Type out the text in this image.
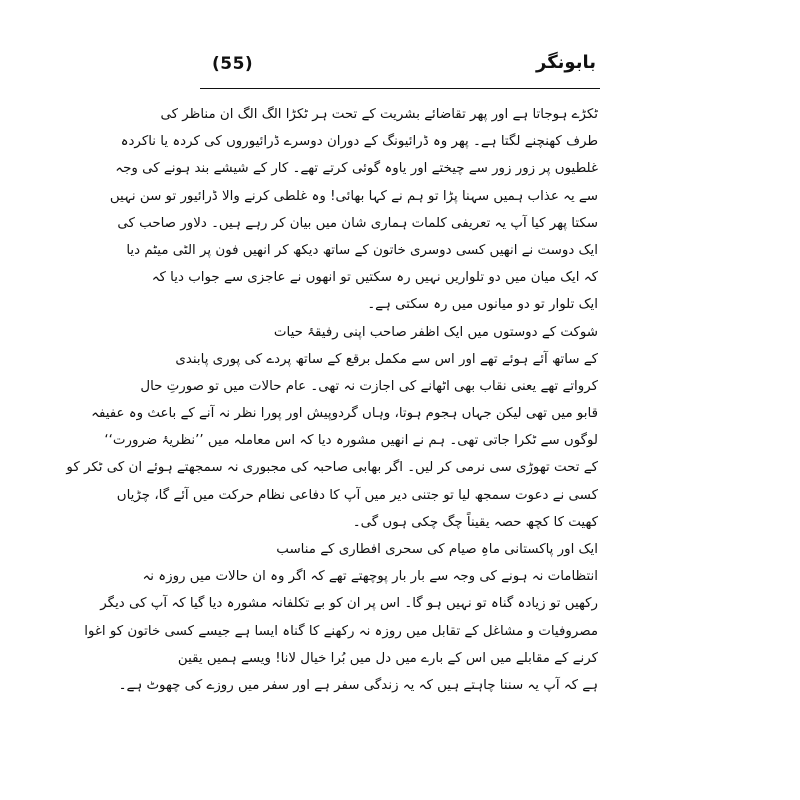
(55)	بابونگر
ٹکڑے ہوجاتا ہے اور پھر تقاضائے بشریت کے تحت ہر ٹکڑا الگ الگ ان مناظر کی
طرف کھنچنے لگتا ہے۔ پھر وہ ڈرائیونگ کے دوران دوسرے ڈرائیوروں کی کردہ یا ناکردہ
غلطیوں پر زور زور سے چیختے اور یاوہ گوئی کرتے تھے۔ کار کے شیشے بند ہونے کی وجہ
سے یہ عذاب ہمیں سہنا پڑا تو ہم نے کہا بھائی! وہ غلطی کرنے والا ڈرائیور تو سن نہیں
سکتا پھر کیا آپ یہ تعریفی کلمات ہماری شان میں بیان کر رہے ہیں۔ دلاور صاحب کی
ایک دوست نے انھیں کسی دوسری خاتون کے ساتھ دیکھ کر انھیں فون پر الٹی میٹم دیا
کہ ایک میان میں دو تلواریں نہیں رہ سکتیں تو انھوں نے عاجزی سے جواب دیا کہ
ایک تلوار تو دو میانوں میں رہ سکتی ہے۔
شوکت کے دوستوں میں ایک اظفر صاحب اپنی رفیقۂ حیات
کے ساتھ آئے ہوئے تھے اور اس سے مکمل برقع کے ساتھ پردے کی پوری پابندی
کرواتے تھے یعنی نقاب بھی اٹھانے کی اجازت نہ تھی۔ عام حالات میں تو صورتِ حال
قابو میں تھی لیکن جہاں ہجوم ہوتا، وہاں گردوپیش اور پورا نظر نہ آنے کے باعث وہ عفیفہ
لوگوں سے ٹکرا جاتی تھی۔ ہم نے انھیں مشورہ دیا کہ اس معاملہ میں ’’نظریۂ ضرورت‘‘
کے تحت تھوڑی سی نرمی کر لیں۔ اگر بھابی صاحبہ کی مجبوری نہ سمجھتے ہوئے ان کی ٹکر کو
کسی نے دعوت سمجھ لیا تو جتنی دیر میں آپ کا دفاعی نظام حرکت میں آئے گا، چڑیاں
کھیت کا کچھ حصہ یقیناً چگ چکی ہوں گی۔
ایک اور پاکستانی ماہِ صیام کی سحری افطاری کے مناسب
انتظامات نہ ہونے کی وجہ سے بار بار پوچھتے تھے کہ اگر وہ ان حالات میں روزہ نہ
رکھیں تو زیادہ گناہ تو نہیں ہو گا۔ اس پر ان کو بے تکلفانہ مشورہ دیا گیا کہ آپ کی دیگر
مصروفیات و مشاغل کے تقابل میں روزہ نہ رکھنے کا گناہ ایسا ہے جیسے کسی خاتون کو اغوا
کرنے کے مقابلے میں اس کے بارے میں دل میں بُرا خیال لانا! ویسے ہمیں یقین
ہے کہ آپ یہ سننا چاہتے ہیں کہ یہ زندگی سفر ہے اور سفر میں روزے کی چھوٹ ہے۔
